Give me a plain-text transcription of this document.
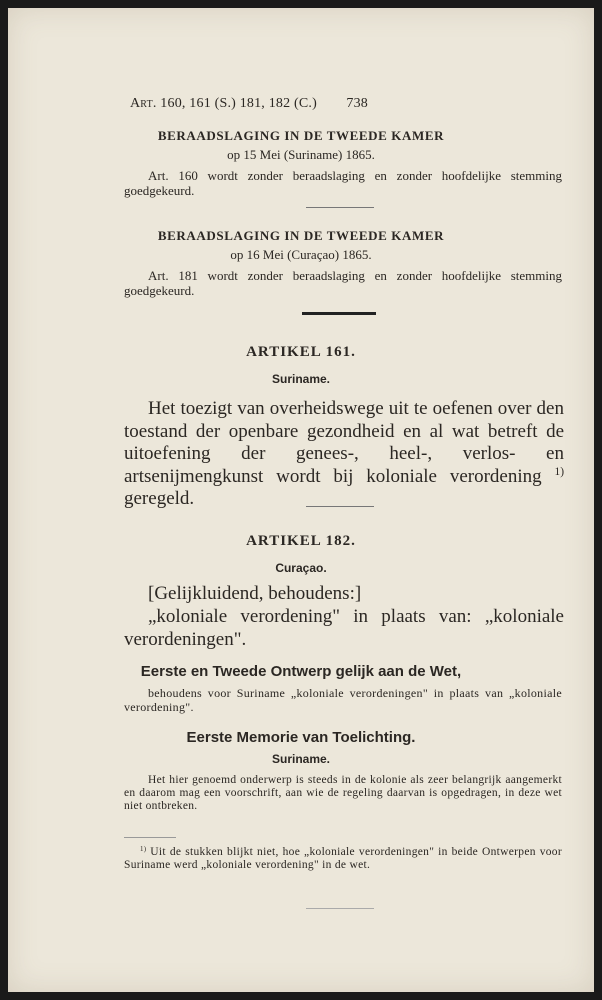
Art. 160, 161 (S.) 181, 182 (C.) 738
BERAADSLAGING IN DE TWEEDE KAMER
op 15 Mei (Suriname) 1865.
Art. 160 wordt zonder beraadslaging en zonder hoofdelijke stemming goedgekeurd.
BERAADSLAGING IN DE TWEEDE KAMER
op 16 Mei (Curaçao) 1865.
Art. 181 wordt zonder beraadslaging en zonder hoofdelijke stemming goedgekeurd.
ARTIKEL 161.
Suriname.
Het toezigt van overheidswege uit te oefenen over den toestand der openbare gezondheid en al wat betreft de uitoefening der genees-, heel-, verlos- en artsenijmengkunst wordt bij koloniale verordening $^{1)}$ geregeld.
ARTIKEL 182.
Curaçao.
[Gelijkluidend, behoudens:]
„koloniale verordening" in plaats van: „koloniale verordeningen".
Eerste en Tweede Ontwerp gelijk aan de Wet,
behoudens voor Suriname „koloniale verordeningen" in plaats van „koloniale verordening".
Eerste Memorie van Toelichting.
Suriname.
Het hier genoemd onderwerp is steeds in de kolonie als zeer belangrijk aangemerkt en daarom mag een voorschrift, aan wie de regeling daarvan is opgedragen, in deze wet niet ontbreken.
$^{1)}$ Uit de stukken blijkt niet, hoe „koloniale verordeningen" in beide Ontwerpen voor Suriname werd „koloniale verordening" in de wet.
